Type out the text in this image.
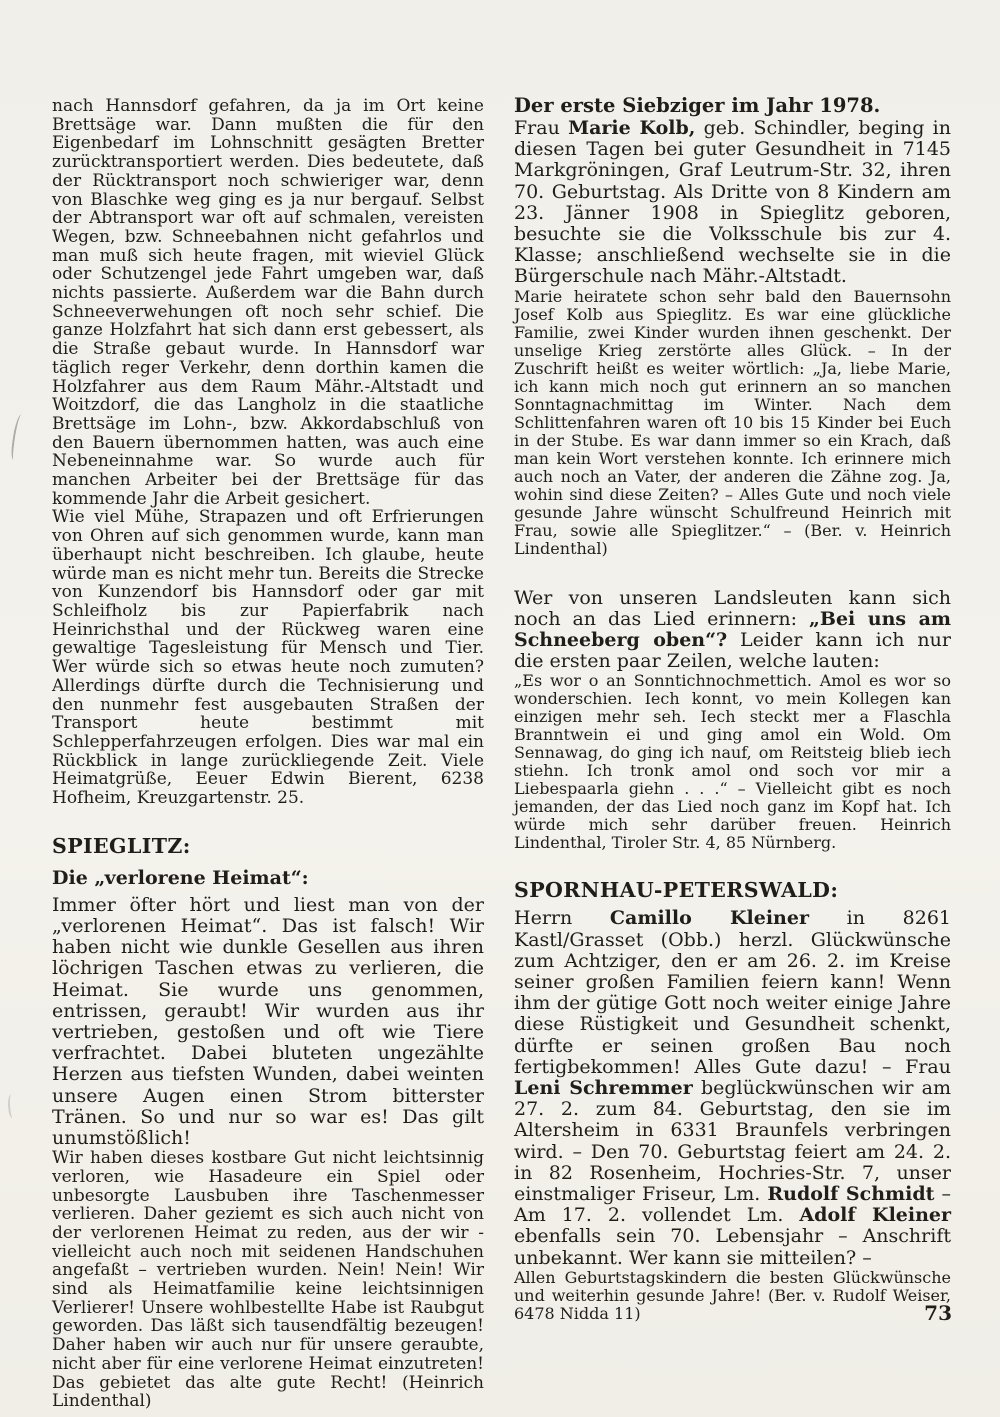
nach Hannsdorf gefahren, da ja im Ort keine Brettsäge war. Dann mußten die für den Eigenbedarf im Lohnschnitt gesägten Bretter zurücktransportiert werden. Dies bedeutete, daß der Rücktransport noch schwieriger war, denn von Blaschke weg ging es ja nur bergauf. Selbst der Abtransport war oft auf schmalen, vereisten Wegen, bzw. Schneebahnen nicht gefahrlos und man muß sich heute fragen, mit wieviel Glück oder Schutzengel jede Fahrt umgeben war, daß nichts passierte. Außerdem war die Bahn durch Schneeverwehungen oft noch sehr schief. Die ganze Holzfahrt hat sich dann erst gebessert, als die Straße gebaut wurde. In Hannsdorf war täglich reger Verkehr, denn dorthin kamen die Holzfahrer aus dem Raum Mähr.-Altstadt und Woitzdorf, die das Langholz in die staatliche Brettsäge im Lohn-, bzw. Akkordabschluß von den Bauern übernommen hatten, was auch eine Nebeneinnahme war. So wurde auch für manchen Arbeiter bei der Brettsäge für das kommende Jahr die Arbeit gesichert.

Wie viel Mühe, Strapazen und oft Erfrierungen von Ohren auf sich genommen wurde, kann man überhaupt nicht beschreiben. Ich glaube, heute würde man es nicht mehr tun. Bereits die Strecke von Kunzendorf bis Hannsdorf oder gar mit Schleifholz bis zur Papierfabrik nach Heinrichsthal und der Rückweg waren eine gewaltige Tagesleistung für Mensch und Tier. Wer würde sich so etwas heute noch zumuten? Allerdings dürfte durch die Technisierung und den nunmehr fest ausgebauten Straßen der Transport heute bestimmt mit Schlepperfahrzeugen erfolgen. Dies war mal ein Rückblick in lange zurückliegende Zeit. Viele Heimatgrüße, Eeuer Edwin Bierent, 6238 Hofheim, Kreuzgartenstr. 25.

SPIEGLITZ:

Die „verlorene Heimat“:

Immer öfter hört und liest man von der „verlorenen Heimat“. Das ist falsch! Wir haben nicht wie dunkle Gesellen aus ihren löchrigen Taschen etwas zu verlieren, die Heimat. Sie wurde uns genommen, entrissen, geraubt! Wir wurden aus ihr vertrieben, gestoßen und oft wie Tiere verfrachtet. Dabei bluteten ungezählte Herzen aus tiefsten Wunden, dabei weinten unsere Augen einen Strom bitterster Tränen. So und nur so war es! Das gilt unumstößlich!

Wir haben dieses kostbare Gut nicht leichtsinnig verloren, wie Hasadeure ein Spiel oder unbesorgte Lausbuben ihre Taschenmesser verlieren. Daher geziemt es sich auch nicht von der verlorenen Heimat zu reden, aus der wir - vielleicht auch noch mit seidenen Handschuhen angefaßt – vertrieben wurden. Nein! Nein! Wir sind als Heimatfamilie keine leichtsinnigen Verlierer! Unsere wohlbestellte Habe ist Raubgut geworden. Das läßt sich tausendfältig bezeugen! Daher haben wir auch nur für unsere geraubte, nicht aber für eine verlorene Heimat einzutreten! Das gebietet das alte gute Recht! (Heinrich Lindenthal)

Der erste Siebziger im Jahr 1978.

Frau Marie Kolb, geb. Schindler, beging in diesen Tagen bei guter Gesundheit in 7145 Markgröningen, Graf Leutrum-Str. 32, ihren 70. Geburtstag. Als Dritte von 8 Kindern am 23. Jänner 1908 in Spieglitz geboren, besuchte sie die Volksschule bis zur 4. Klasse; anschließend wechselte sie in die Bürgerschule nach Mähr.-Altstadt.

Marie heiratete schon sehr bald den Bauernsohn Josef Kolb aus Spieglitz. Es war eine glückliche Familie, zwei Kinder wurden ihnen geschenkt. Der unselige Krieg zerstörte alles Glück. – In der Zuschrift heißt es weiter wörtlich: „Ja, liebe Marie, ich kann mich noch gut erinnern an so manchen Sonntagnachmittag im Winter. Nach dem Schlittenfahren waren oft 10 bis 15 Kinder bei Euch in der Stube. Es war dann immer so ein Krach, daß man kein Wort verstehen konnte. Ich erinnere mich auch noch an Vater, der anderen die Zähne zog. Ja, wohin sind diese Zeiten? – Alles Gute und noch viele gesunde Jahre wünscht Schulfreund Heinrich mit Frau, sowie alle Spieglitzer.“ – (Ber. v. Heinrich Lindenthal)

Wer von unseren Landsleuten kann sich noch an das Lied erinnern: „Bei uns am Schneeberg oben“? Leider kann ich nur die ersten paar Zeilen, welche lauten:

„Es wor o an Sonntichnochmettich. Amol es wor so wonderschien. Iech konnt, vo mein Kollegen kan einzigen mehr seh. Iech steckt mer a Flaschla Branntwein ei und ging amol ein Wold. Om Sennawag, do ging ich nauf, om Reitsteig blieb iech stiehn. Ich tronk amol ond soch vor mir a Liebespaarla giehn . . .“ – Vielleicht gibt es noch jemanden, der das Lied noch ganz im Kopf hat. Ich würde mich sehr darüber freuen. Heinrich Lindenthal, Tiroler Str. 4, 85 Nürnberg.

SPORNHAU-PETERSWALD:

Herrn Camillo Kleiner in 8261 Kastl/Grasset (Obb.) herzl. Glückwünsche zum Achtziger, den er am 26. 2. im Kreise seiner großen Familien feiern kann! Wenn ihm der gütige Gott noch weiter einige Jahre diese Rüstigkeit und Gesundheit schenkt, dürfte er seinen großen Bau noch fertigbekommen! Alles Gute dazu! – Frau Leni Schremmer beglückwünschen wir am 27. 2. zum 84. Geburtstag, den sie im Altersheim in 6331 Braunfels verbringen wird. – Den 70. Geburtstag feiert am 24. 2. in 82 Rosenheim, Hochries-Str. 7, unser einstmaliger Friseur, Lm. Rudolf Schmidt – Am 17. 2. vollendet Lm. Adolf Kleiner ebenfalls sein 70. Lebensjahr – Anschrift unbekannt. Wer kann sie mitteilen? –

Allen Geburtstagskindern die besten Glückwünsche und weiterhin gesunde Jahre! (Ber. v. Rudolf Weiser, 6478 Nidda 11)	73
